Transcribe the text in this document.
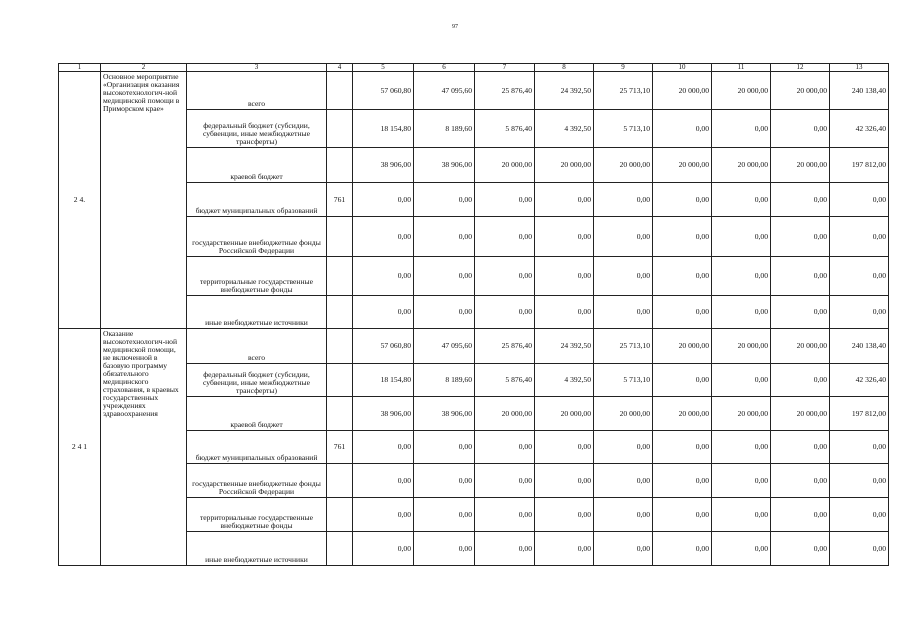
97
1	2	3	4	5	6	7	8	9	10	11	12	13
2 4.	Основное мероприятие «Организация оказания высокотехнологич-ной медицинской помощи в Приморском крае»	всего		57 060,80	47 095,60	25 876,40	24 392,50	25 713,10	20 000,00	20 000,00	20 000,00	240 138,40
		федеральный бюджет (субсидии, субвенции, иные межбюджетные трансферты)		18 154,80	8 189,60	5 876,40	4 392,50	5 713,10	0,00	0,00	0,00	42 326,40
		краевой бюджет		38 906,00	38 906,00	20 000,00	20 000,00	20 000,00	20 000,00	20 000,00	20 000,00	197 812,00
		бюджет муниципальных образований	761	0,00	0,00	0,00	0,00	0,00	0,00	0,00	0,00	0,00
		государственные внебюджетные фонды Российской Федерации		0,00	0,00	0,00	0,00	0,00	0,00	0,00	0,00	0,00
		территориальные государственные внебюджетные фонды		0,00	0,00	0,00	0,00	0,00	0,00	0,00	0,00	0,00
		иные внебюджетные источники		0,00	0,00	0,00	0,00	0,00	0,00	0,00	0,00	0,00
2 4 1	Оказание высокотехнологич-ной медицинской помощи, не включенной в базовую программу обязательного медицинского страхования, в краевых государственных учреждениях здравоохранения	всего		57 060,80	47 095,60	25 876,40	24 392,50	25 713,10	20 000,00	20 000,00	20 000,00	240 138,40
		федеральный бюджет (субсидии, субвенции, иные межбюджетные трансферты)		18 154,80	8 189,60	5 876,40	4 392,50	5 713,10	0,00	0,00	0,00	42 326,40
		краевой бюджет		38 906,00	38 906,00	20 000,00	20 000,00	20 000,00	20 000,00	20 000,00	20 000,00	197 812,00
		бюджет муниципальных образований	761	0,00	0,00	0,00	0,00	0,00	0,00	0,00	0,00	0,00
		государственные внебюджетные фонды Российской Федерации		0,00	0,00	0,00	0,00	0,00	0,00	0,00	0,00	0,00
		территориальные государственные внебюджетные фонды		0,00	0,00	0,00	0,00	0,00	0,00	0,00	0,00	0,00
		иные внебюджетные источники		0,00	0,00	0,00	0,00	0,00	0,00	0,00	0,00	0,00
